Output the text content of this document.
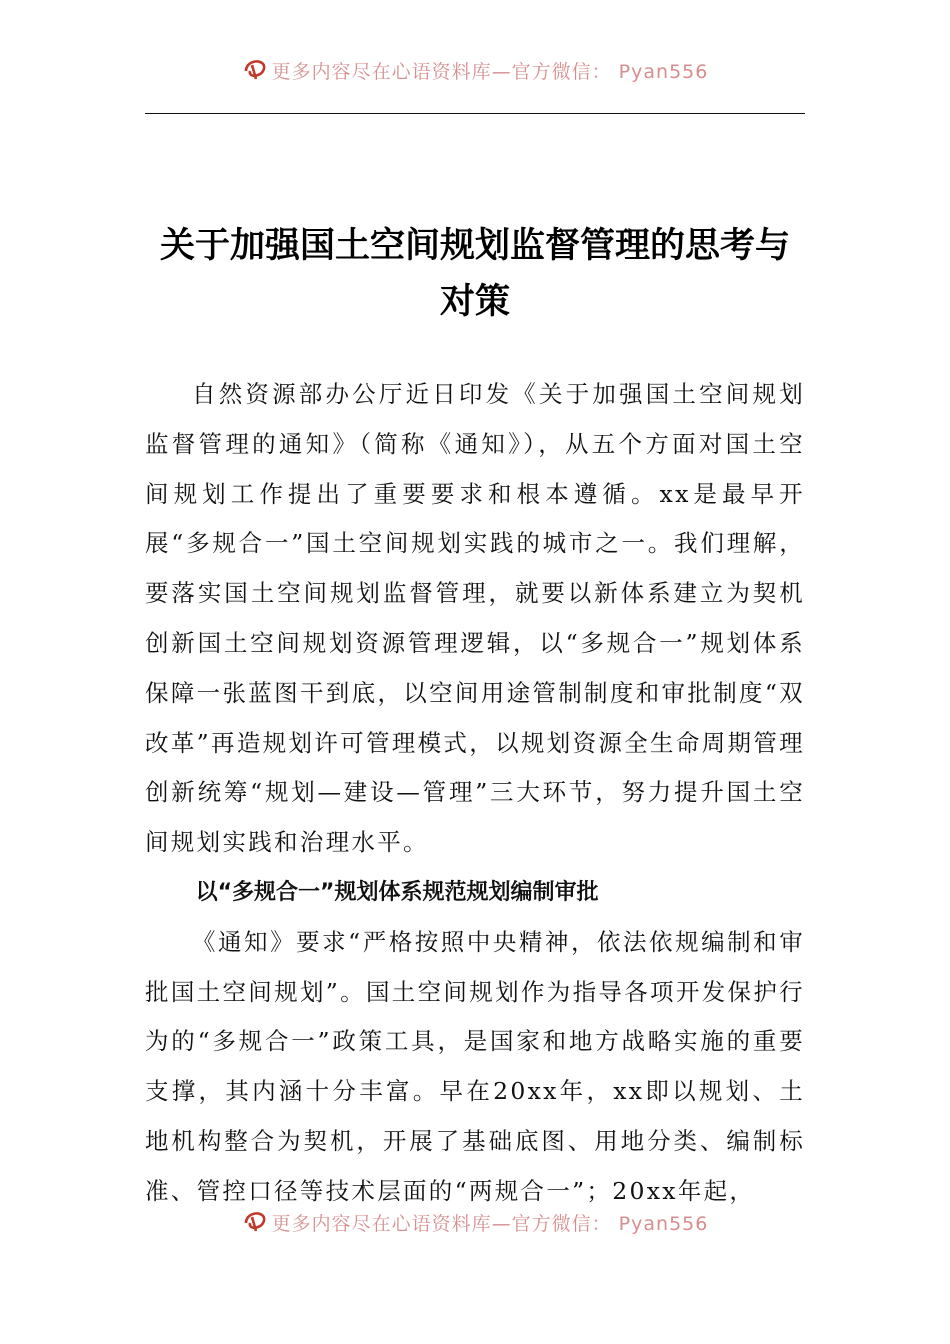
更多内容尽在心语资料库—官方微信： Pyan556
关于加强国土空间规划监督管理的思考与对策

自然资源部办公厅近日印发《关于加强国土空间规划监督管理的通知》（简称《通知》），从五个方面对国土空间规划工作提出了重要要求和根本遵循。xx是最早开展“多规合一”国土空间规划实践的城市之一。我们理解，要落实国土空间规划监督管理，就要以新体系建立为契机创新国土空间规划资源管理逻辑，以“多规合一”规划体系保障一张蓝图干到底，以空间用途管制制度和审批制度“双改革”再造规划许可管理模式，以规划资源全生命周期管理创新统筹“规划—建设—管理”三大环节，努力提升国土空间规划实践和治理水平。

以“多规合一”规划体系规范规划编制审批

《通知》要求“严格按照中央精神，依法依规编制和审批国土空间规划”。国土空间规划作为指导各项开发保护行为的“多规合一”政策工具，是国家和地方战略实施的重要支撑，其内涵十分丰富。早在20xx年，xx即以规划、土地机构整合为契机，开展了基础底图、用地分类、编制标准、管控口径等技术层面的“两规合一”；20xx年起，

更多内容尽在心语资料库—官方微信： Pyan556
